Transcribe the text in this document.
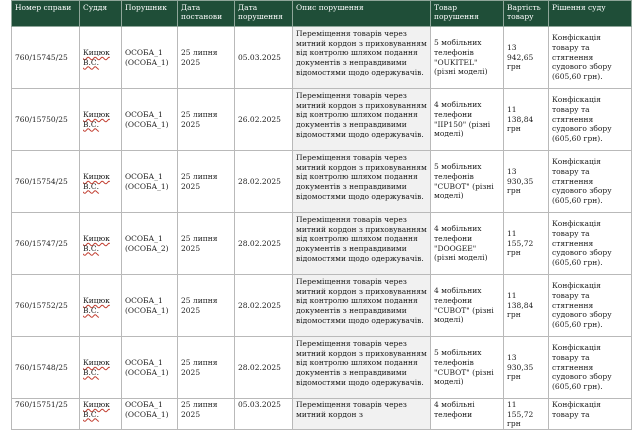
Номер справи	Суддя	Порушник	Дата постанови	Дата порушення	Опис порушення	Товар порушення	Вартість товару	Рішення суду
760/15745/25	Кицюк В.С.	ОСОБА_1 (ОСОБА_1)	25 липня 2025	05.03.2025	Переміщення товарів через митний кордон з приховуванням від контролю шляхом подання документів з неправдивими відомостями щодо одержувачів.	5 мобільних телефонів "OUKITEL" (різні моделі)	13 942,65 грн	Конфіскація товару та стягнення судового збору (605,60 грн).
760/15750/25	Кицюк В.С.	ОСОБА_1 (ОСОБА_1)	25 липня 2025	26.02.2025	Переміщення товарів через митний кордон з приховуванням від контролю шляхом подання документів з неправдивими відомостями щодо одержувачів.	4 мобільних телефони "IIP150" (різні моделі)	11 138,84 грн	Конфіскація товару та стягнення судового збору (605,60 грн).
760/15754/25	Кицюк В.С.	ОСОБА_1 (ОСОБА_1)	25 липня 2025	28.02.2025	Переміщення товарів через митний кордон з приховуванням від контролю шляхом подання документів з неправдивими відомостями щодо одержувачів.	5 мобільних телефонів "CUBOT" (різні моделі)	13 930,35 грн	Конфіскація товару та стягнення судового збору (605,60 грн).
760/15747/25	Кицюк В.С.	ОСОБА_1 (ОСОБА_2)	25 липня 2025	28.02.2025	Переміщення товарів через митний кордон з приховуванням від контролю шляхом подання документів з неправдивими відомостями щодо одержувачів.	4 мобільних телефони "DOOGEE" (різні моделі)	11 155,72 грн	Конфіскація товару та стягнення судового збору (605,60 грн).
760/15752/25	Кицюк В.С.	ОСОБА_1 (ОСОБА_1)	25 липня 2025	28.02.2025	Переміщення товарів через митний кордон з приховуванням від контролю шляхом подання документів з неправдивими відомостями щодо одержувачів.	4 мобільних телефони "CUBOT" (різні моделі)	11 138,84 грн	Конфіскація товару та стягнення судового збору (605,60 грн).
760/15748/25	Кицюк В.С.	ОСОБА_1 (ОСОБА_1)	25 липня 2025	28.02.2025	Переміщення товарів через митний кордон з приховуванням від контролю шляхом подання документів з неправдивими відомостями щодо одержувачів.	5 мобільних телефонів "CUBOT" (різні моделі)	13 930,35 грн	Конфіскація товару та стягнення судового збору (605,60 грн).
760/15751/25	Кицюк В.С.	ОСОБА_1 (ОСОБА_1)	25 липня 2025	05.03.2025	Переміщення товарів через митний кордон з	4 мобільні телефони	11 155,72 грн	Конфіскація товару та
